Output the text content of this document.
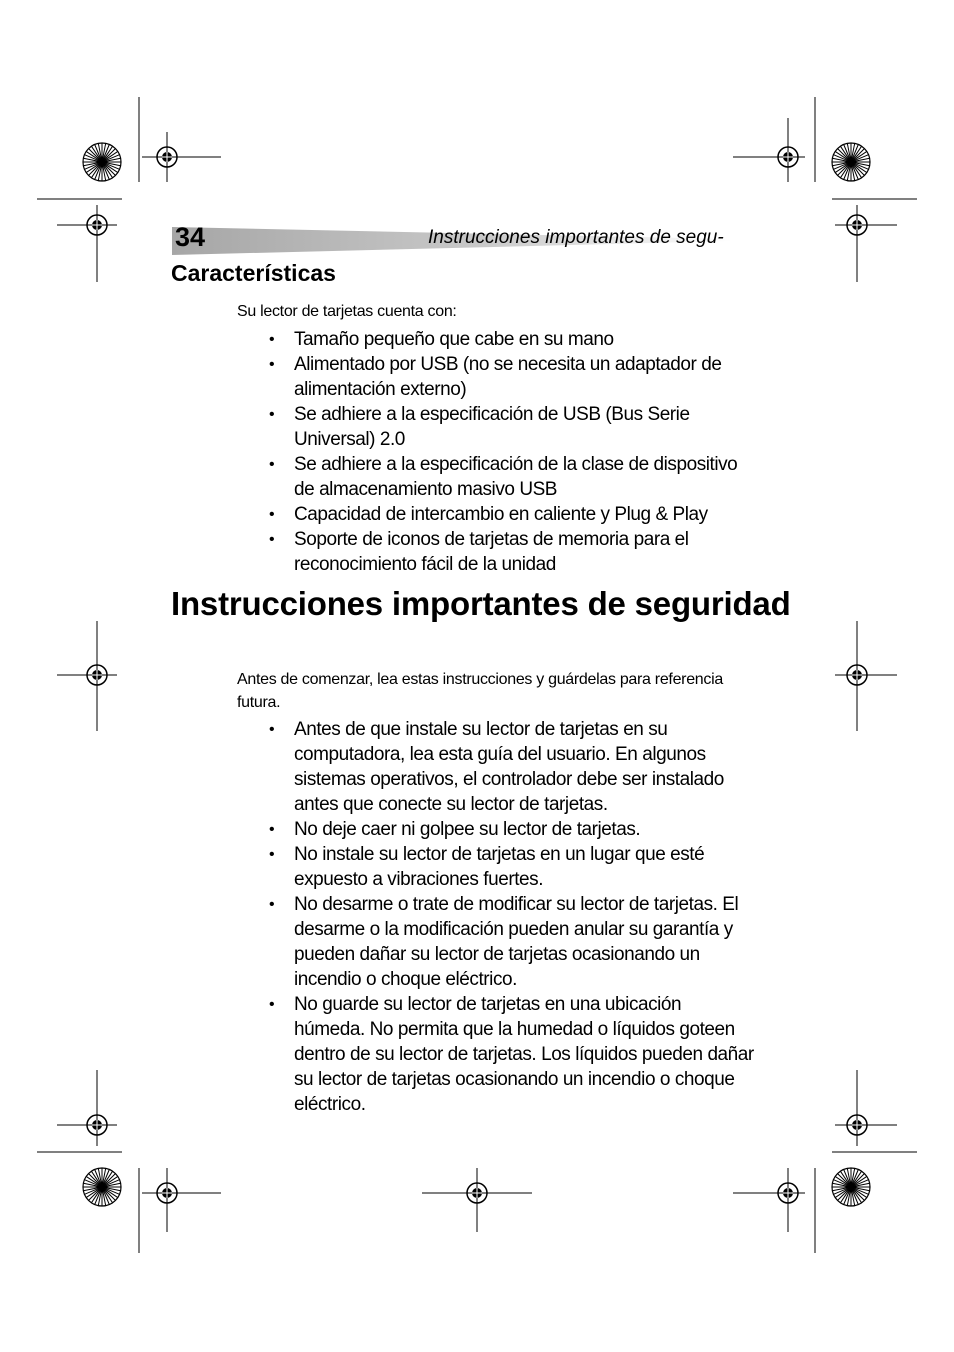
34	Instrucciones importantes de segu-
Características
Su lector de tarjetas cuenta con:
• Tamaño pequeño que cabe en su mano
• Alimentado por USB (no se necesita un adaptador de alimentación externo)
• Se adhiere a la especificación de USB (Bus Serie Universal) 2.0
• Se adhiere a la especificación de la clase de dispositivo de almacenamiento masivo USB
• Capacidad de intercambio en caliente y Plug & Play
• Soporte de iconos de tarjetas de memoria para el reconocimiento fácil de la unidad
Instrucciones importantes de seguridad
Antes de comenzar, lea estas instrucciones y guárdelas para referencia futura.
• Antes de que instale su lector de tarjetas en su computadora, lea esta guía del usuario. En algunos sistemas operativos, el controlador debe ser instalado antes que conecte su lector de tarjetas.
• No deje caer ni golpee su lector de tarjetas.
• No instale su lector de tarjetas en un lugar que esté expuesto a vibraciones fuertes.
• No desarme o trate de modificar su lector de tarjetas. El desarme o la modificación pueden anular su garantía y pueden dañar su lector de tarjetas ocasionando un incendio o choque eléctrico.
• No guarde su lector de tarjetas en una ubicación húmeda. No permita que la humedad o líquidos goteen dentro de su lector de tarjetas. Los líquidos pueden dañar su lector de tarjetas ocasionando un incendio o choque eléctrico.
